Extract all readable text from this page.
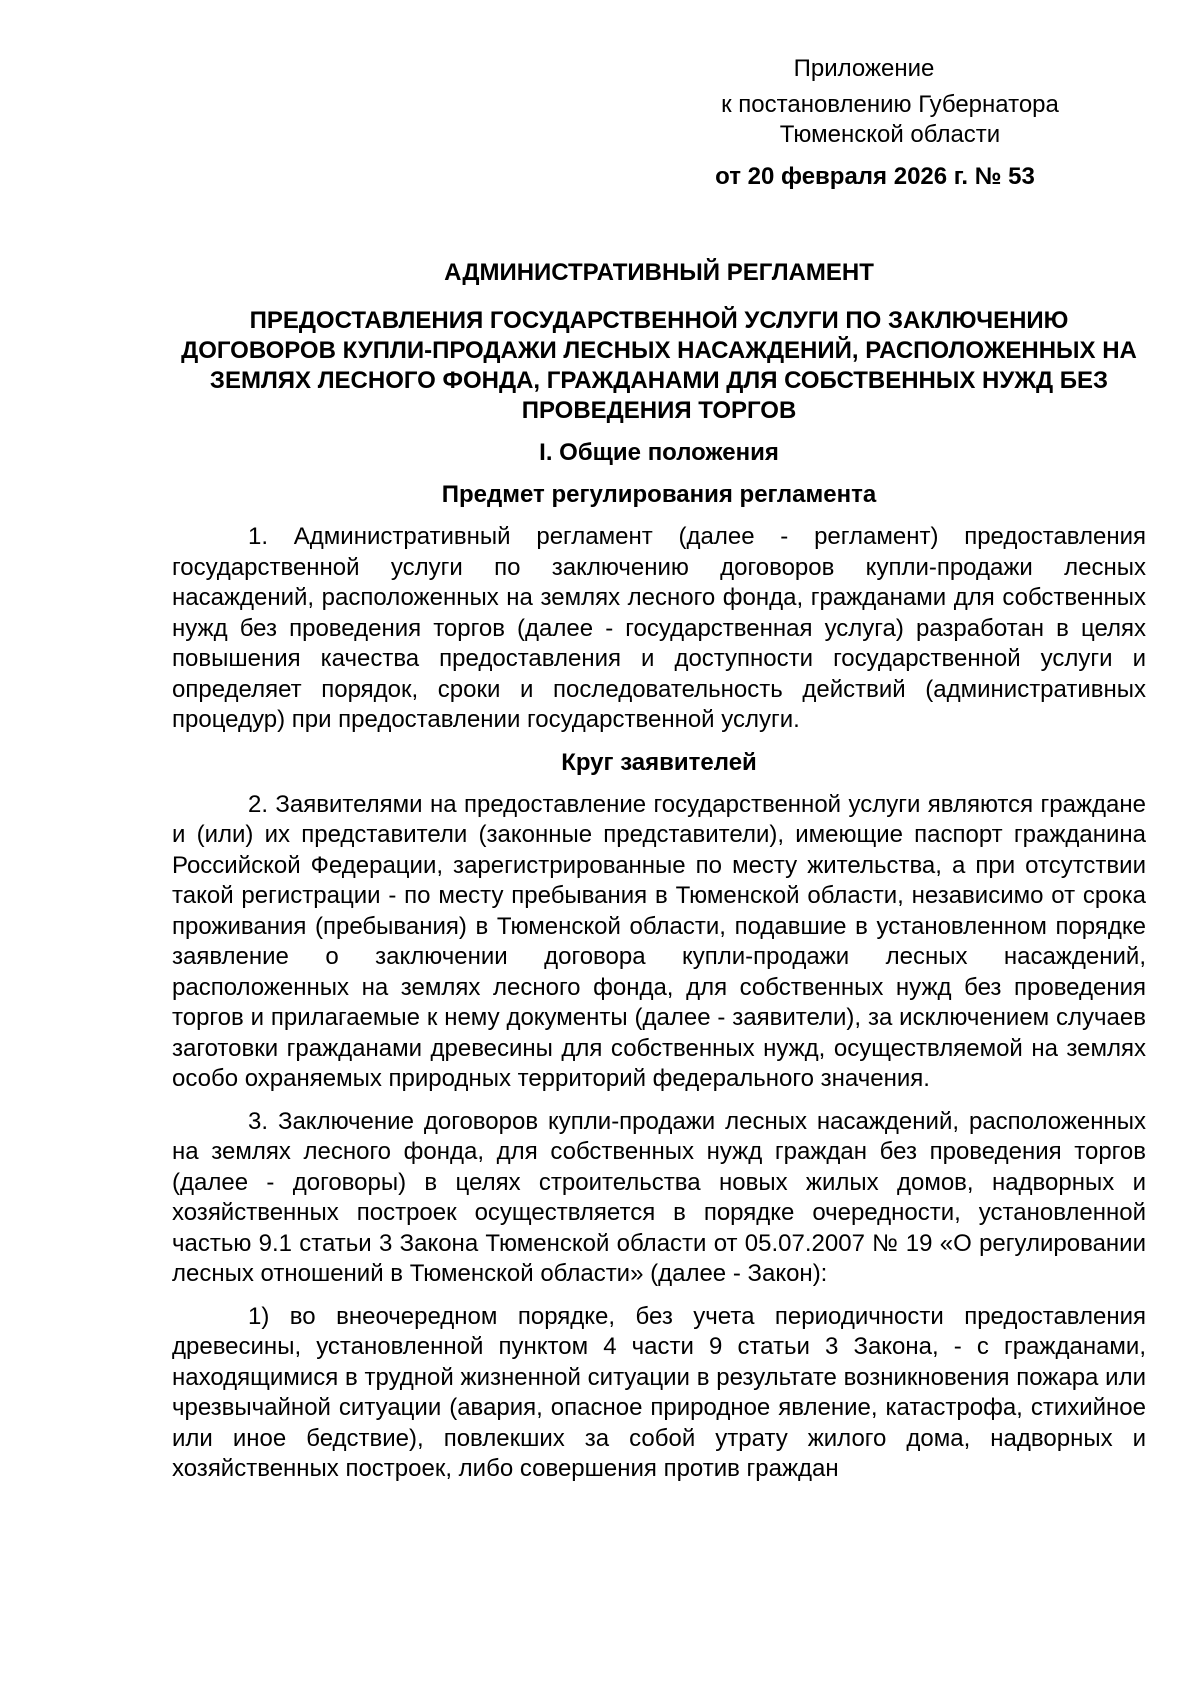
Приложение
к постановлению Губернатора
Тюменской области
от 20 февраля 2026 г. № 53
АДМИНИСТРАТИВНЫЙ РЕГЛАМЕНТ
ПРЕДОСТАВЛЕНИЯ ГОСУДАРСТВЕННОЙ УСЛУГИ ПО ЗАКЛЮЧЕНИЮ ДОГОВОРОВ КУПЛИ-ПРОДАЖИ ЛЕСНЫХ НАСАЖДЕНИЙ, РАСПОЛОЖЕННЫХ НА ЗЕМЛЯХ ЛЕСНОГО ФОНДА, ГРАЖДАНАМИ ДЛЯ СОБСТВЕННЫХ НУЖД БЕЗ ПРОВЕДЕНИЯ ТОРГОВ
I. Общие положения
Предмет регулирования регламента

1. Административный регламент (далее - регламент) предоставления государственной услуги по заключению договоров купли-продажи лесных насаждений, расположенных на землях лесного фонда, гражданами для собственных нужд без проведения торгов (далее - государственная услуга) разработан в целях повышения качества предоставления и доступности государственной услуги и определяет порядок, сроки и последовательность действий (административных процедур) при предоставлении государственной услуги.

Круг заявителей

2. Заявителями на предоставление государственной услуги являются граждане и (или) их представители (законные представители), имеющие паспорт гражданина Российской Федерации, зарегистрированные по месту жительства, а при отсутствии такой регистрации - по месту пребывания в Тюменской области, независимо от срока проживания (пребывания) в Тюменской области, подавшие в установленном порядке заявление о заключении договора купли-продажи лесных насаждений, расположенных на землях лесного фонда, для собственных нужд без проведения торгов и прилагаемые к нему документы (далее - заявители), за исключением случаев заготовки гражданами древесины для собственных нужд, осуществляемой на землях особо охраняемых природных территорий федерального значения.

3. Заключение договоров купли-продажи лесных насаждений, расположенных на землях лесного фонда, для собственных нужд граждан без проведения торгов (далее - договоры) в целях строительства новых жилых домов, надворных и хозяйственных построек осуществляется в порядке очередности, установленной частью 9.1 статьи 3 Закона Тюменской области от 05.07.2007 № 19 «О регулировании лесных отношений в Тюменской области» (далее - Закон):

1) во внеочередном порядке, без учета периодичности предоставления древесины, установленной пунктом 4 части 9 статьи 3 Закона, - с гражданами, находящимися в трудной жизненной ситуации в результате возникновения пожара или чрезвычайной ситуации (авария, опасное природное явление, катастрофа, стихийное или иное бедствие), повлекших за собой утрату жилого дома, надворных и хозяйственных построек, либо совершения против граждан
